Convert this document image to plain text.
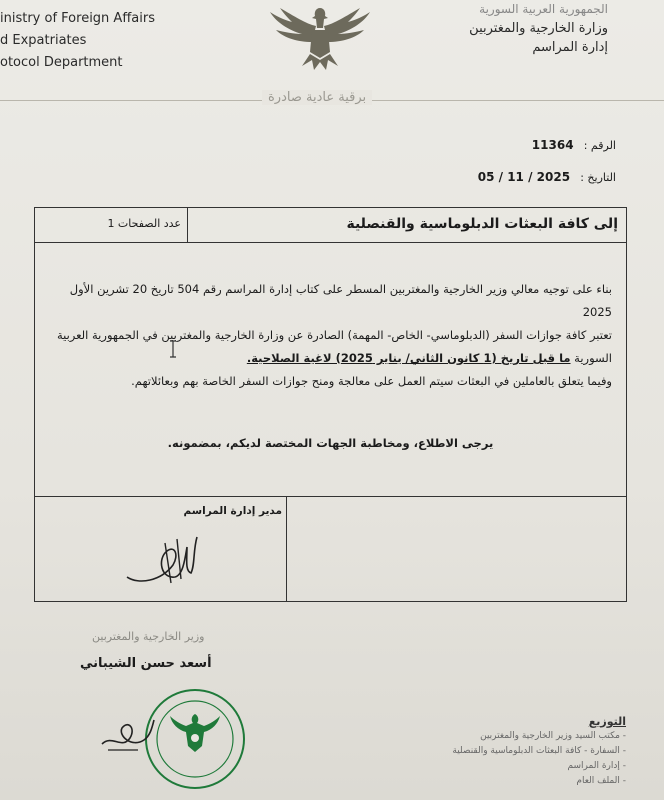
inistry of Foreign Affairs
d Expatriates
otocol Department
الجمهورية العربية السورية
وزارة الخارجية والمغتربين
إدارة المراسم
برقية عادية صادرة
الرقم : 11364
التاريخ : 2025 / 11 / 05
إلى كافة البعثات الدبلوماسية والقنصلية
عدد الصفحات 1

بناء على توجيه معالي وزير الخارجية والمغتربين المسطر على كتاب إدارة المراسم رقم 504 تاريخ 20 تشرين الأول 2025

تعتبر كافة جوازات السفر (الدبلوماسي- الخاص- المهمة) الصادرة عن وزارة الخارجية والمغتربين في الجمهورية العربية

السورية ما قبل تاريخ (1 كانون الثاني/ يناير 2025) لاغية الصلاحية.

وفيما يتعلق بالعاملين في البعثات سيتم العمل على معالجة ومنح جوازات السفر الخاصة بهم وبعائلاتهم.

يرجى الاطلاع، ومخاطبة الجهات المختصة لديكم، بمضمونه.
مدير إدارة المراسم
وزير الخارجية والمغتربين
أسعد حسن الشيباني
التوزيع
- مكتب السيد وزير الخارجية والمغتربين
- السفارة - كافة البعثات الدبلوماسية والقنصلية
- إدارة المراسم
- الملف العام
